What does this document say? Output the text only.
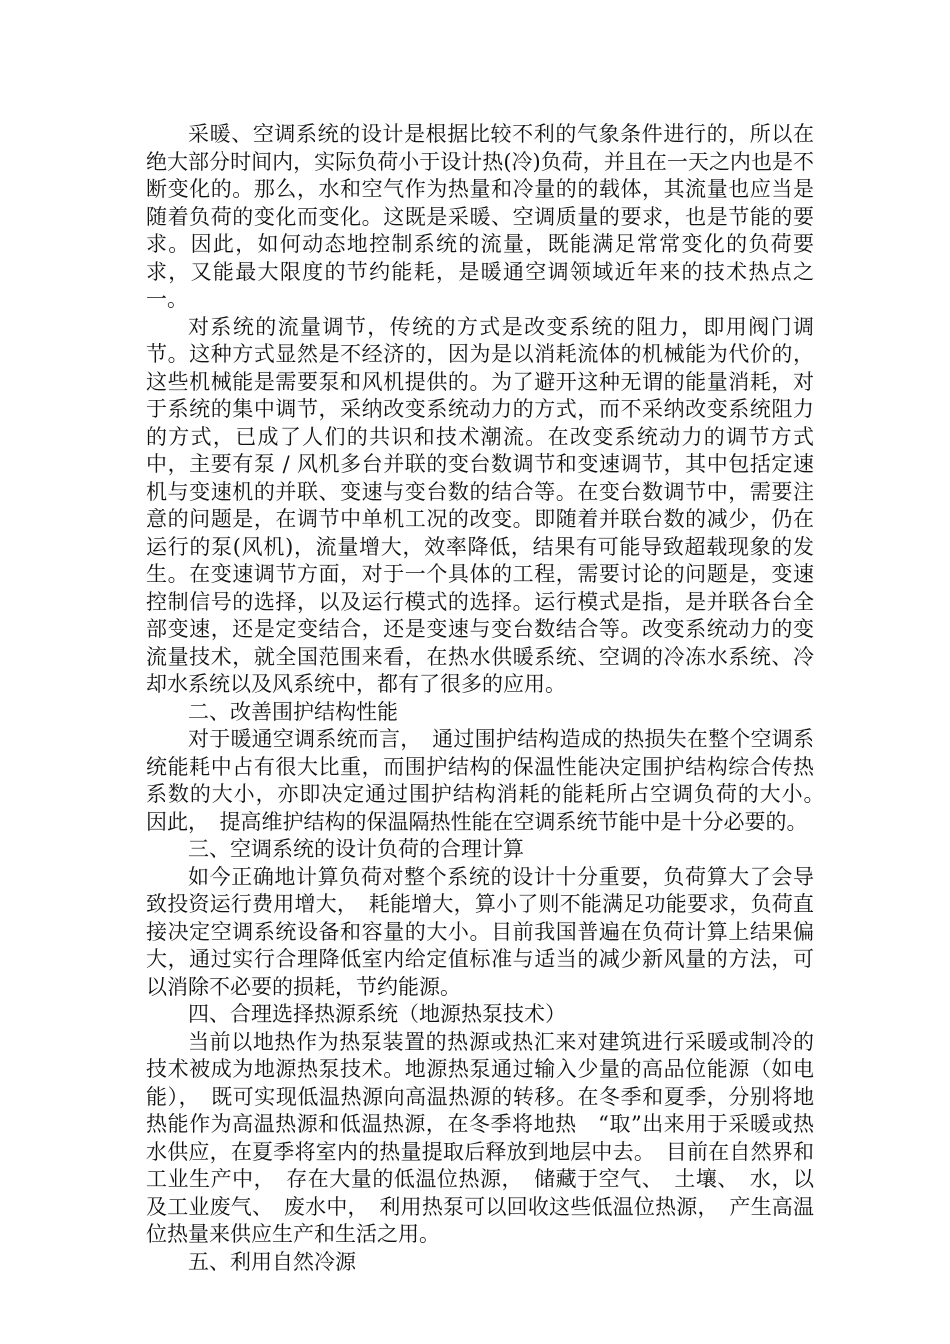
采暖、空调系统的设计是根据比较不利的气象条件进行的，所以在绝大部分时间内，实际负荷小于设计热(冷)负荷，并且在一天之内也是不断变化的。那么，水和空气作为热量和冷量的的载体，其流量也应当是随着负荷的变化而变化。这既是采暖、空调质量的要求，也是节能的要求。因此，如何动态地控制系统的流量，既能满足常常变化的负荷要求，又能最大限度的节约能耗，是暖通空调领域近年来的技术热点之一。

对系统的流量调节，传统的方式是改变系统的阻力，即用阀门调节。这种方式显然是不经济的，因为是以消耗流体的机械能为代价的，这些机械能是需要泵和风机提供的。为了避开这种无谓的能量消耗，对于系统的集中调节，采纳改变系统动力的方式，而不采纳改变系统阻力的方式，已成了人们的共识和技术潮流。在改变系统动力的调节方式中，主要有泵 / 风机多台并联的变台数调节和变速调节，其中包括定速机与变速机的并联、变速与变台数的结合等。在变台数调节中，需要注意的问题是，在调节中单机工况的改变。即随着并联台数的减少，仍在运行的泵(风机)，流量增大，效率降低，结果有可能导致超载现象的发生。在变速调节方面，对于一个具体的工程，需要讨论的问题是，变速控制信号的选择，以及运行模式的选择。运行模式是指，是并联各台全部变速，还是定变结合，还是变速与变台数结合等。改变系统动力的变流量技术，就全国范围来看，在热水供暖系统、空调的冷冻水系统、冷却水系统以及风系统中，都有了很多的应用。

二、改善围护结构性能

对于暖通空调系统而言，　通过围护结构造成的热损失在整个空调系统能耗中占有很大比重，而围护结构的保温性能决定围护结构综合传热系数的大小，亦即决定通过围护结构消耗的能耗所占空调负荷的大小。　因此，　提高维护结构的保温隔热性能在空调系统节能中是十分必要的。

三、空调系统的设计负荷的合理计算

如今正确地计算负荷对整个系统的设计十分重要，负荷算大了会导致投资运行费用增大，　耗能增大，算小了则不能满足功能要求，负荷直接决定空调系统设备和容量的大小。目前我国普遍在负荷计算上结果偏大，通过实行合理降低室内给定值标准与适当的减少新风量的方法，可以消除不必要的损耗，节约能源。

四、合理选择热源系统（地源热泵技术）

当前以地热作为热泵装置的热源或热汇来对建筑进行采暖或制冷的技术被成为地源热泵技术。地源热泵通过输入少量的高品位能源（如电能），　既可实现低温热源向高温热源的转移。在冬季和夏季，分别将地热能作为高温热源和低温热源，在冬季将地热　“取”出来用于采暖或热水供应，在夏季将室内的热量提取后释放到地层中去。　目前在自然界和工业生产中，　存在大量的低温位热源，　储藏于空气、　土壤、　水，以及工业废气、　废水中，　利用热泵可以回收这些低温位热源，　产生高温位热量来供应生产和生活之用。

五、利用自然冷源
